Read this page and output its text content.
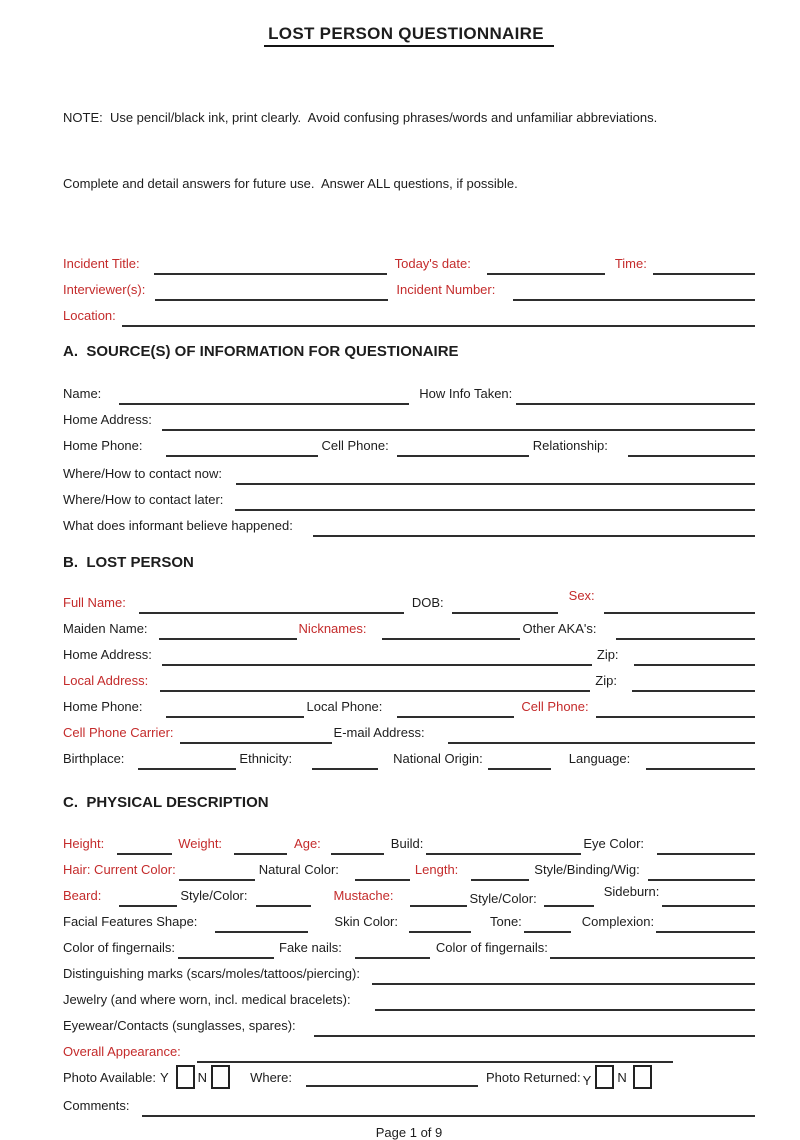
LOST PERSON QUESTIONNAIRE

NOTE:  Use pencil/black ink, print clearly.  Avoid confusing phrases/words and unfamiliar abbreviations.

Complete and detail answers for future use.  Answer ALL questions, if possible.

Incident Title:	Today's date:	Time:
Interviewer(s):	Incident Number:
Location:
A.  SOURCE(S) OF INFORMATION FOR QUESTIONAIRE
Name:	How Info Taken:
Home Address:
Home Phone:	Cell Phone:	Relationship:
Where/How to contact now:
Where/How to contact later:
What does informant believe happened:
B.  LOST PERSON
Full Name:	DOB:	Sex:
Maiden Name:	Nicknames:	Other AKA's:
Home Address:	Zip:
Local Address:	Zip:
Home Phone:	Local Phone:	Cell Phone:
Cell Phone Carrier:	E-mail Address:
Birthplace:	Ethnicity:	National Origin:	Language:
C.  PHYSICAL DESCRIPTION
Height:	Weight:	Age:	Build:	Eye Color:
Hair: Current Color:	Natural Color:	Length:	Style/Binding/Wig:
Beard:	Style/Color:	Mustache:	Style/Color:	Sideburn:
Facial Features Shape:	Skin Color:	Tone:	Complexion:
Color of fingernails:	Fake nails:	Color of fingernails:
Distinguishing marks (scars/moles/tattoos/piercing):
Jewelry (and where worn, incl. medical bracelets):
Eyewear/Contacts (sunglasses, spares):
Overall Appearance:
Photo Available: Y N	Where:	Photo Returned: Y N
Comments:
Page 1 of 9
